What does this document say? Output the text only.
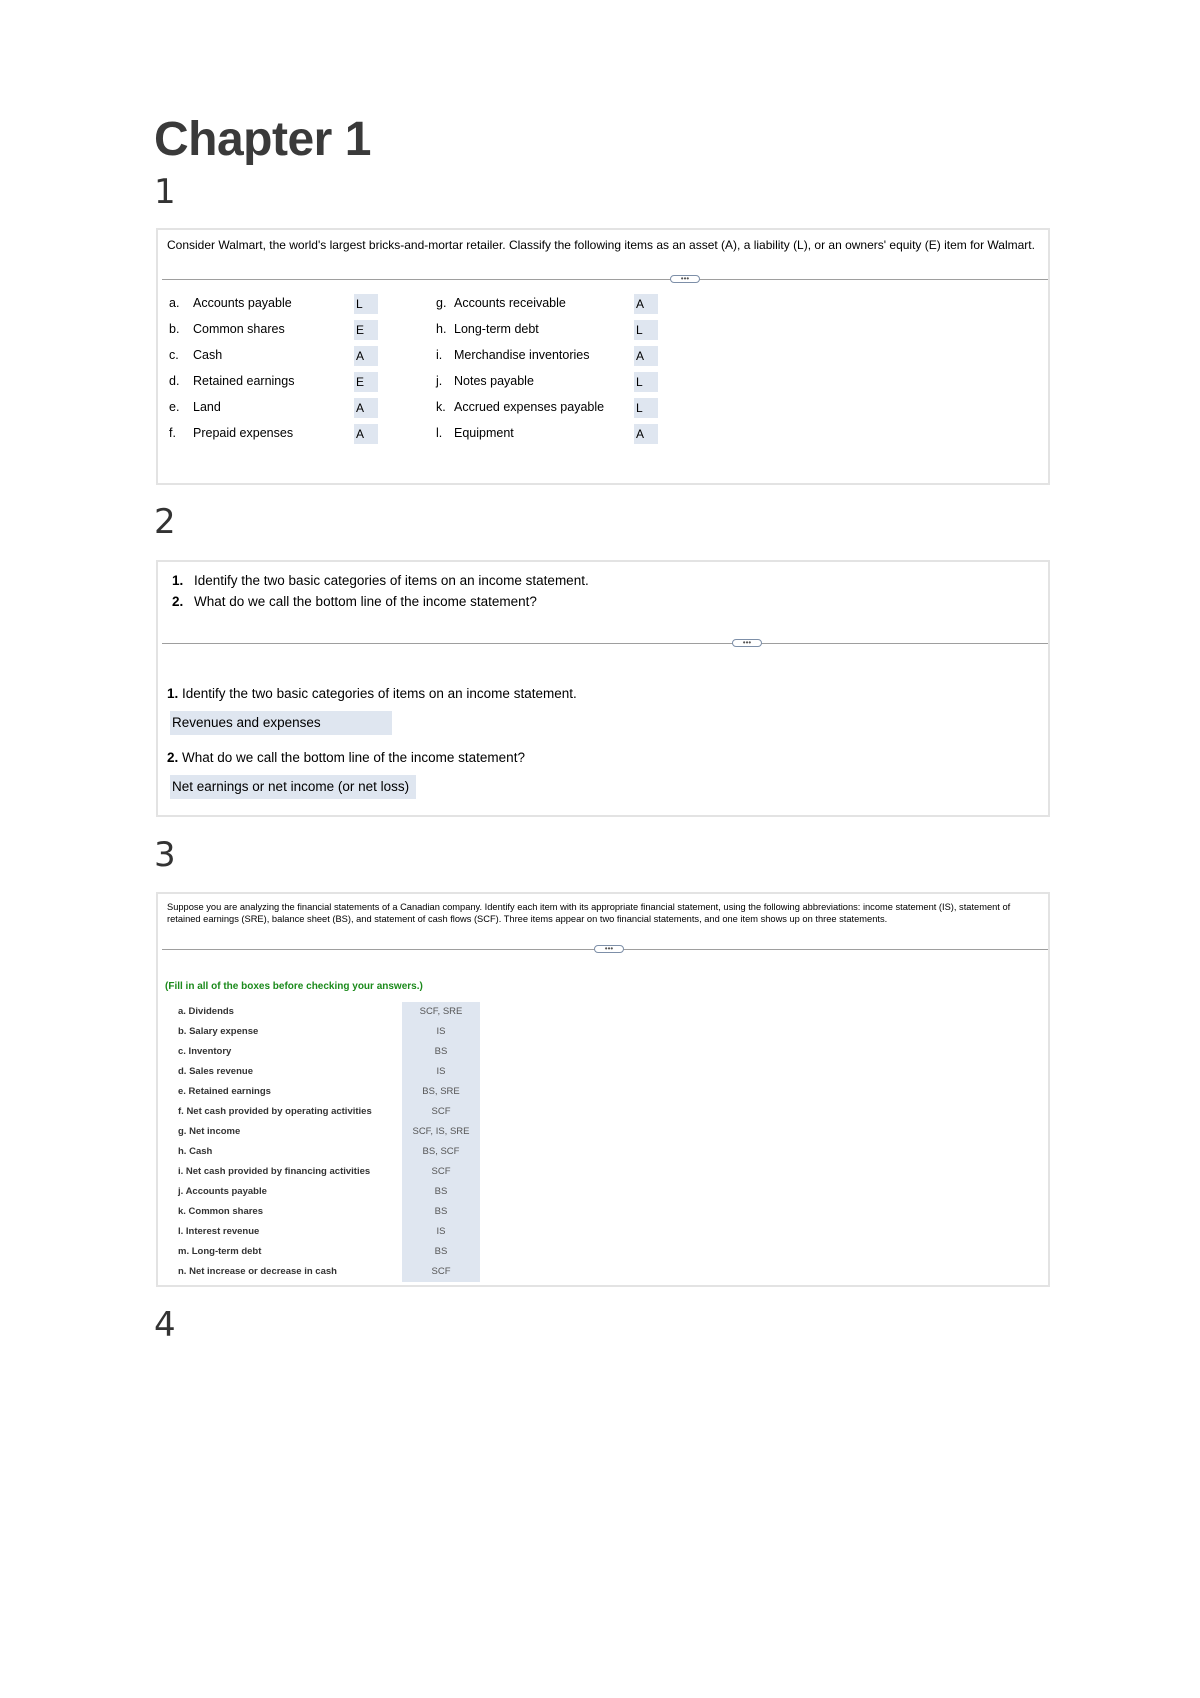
Chapter 1
1
Consider Walmart, the world's largest bricks-and-mortar retailer. Classify the following items as an asset (A), a liability (L), or an owners' equity (E) item for Walmart.
•••
a. Accounts payable	L
b. Common shares	E
c. Cash	A
d. Retained earnings	E
e. Land	A
f. Prepaid expenses	A
g. Accounts receivable	A
h. Long-term debt	L
i. Merchandise inventories	A
j. Notes payable	L
k. Accrued expenses payable	L
l. Equipment	A
2
1. Identify the two basic categories of items on an income statement.
2. What do we call the bottom line of the income statement?
•••
1. Identify the two basic categories of items on an income statement.
Revenues and expenses
2. What do we call the bottom line of the income statement?
Net earnings or net income (or net loss)
3
Suppose you are analyzing the financial statements of a Canadian company. Identify each item with its appropriate financial statement, using the following abbreviations: income statement (IS), statement of retained earnings (SRE), balance sheet (BS), and statement of cash flows (SCF). Three items appear on two financial statements, and one item shows up on three statements.
•••
(Fill in all of the boxes before checking your answers.)
a. Dividends	SCF, SRE
b. Salary expense	IS
c. Inventory	BS
d. Sales revenue	IS
e. Retained earnings	BS, SRE
f. Net cash provided by operating activities	SCF
g. Net income	SCF, IS, SRE
h. Cash	BS, SCF
i. Net cash provided by financing activities	SCF
j. Accounts payable	BS
k. Common shares	BS
l. Interest revenue	IS
m. Long-term debt	BS
n. Net increase or decrease in cash	SCF
4
